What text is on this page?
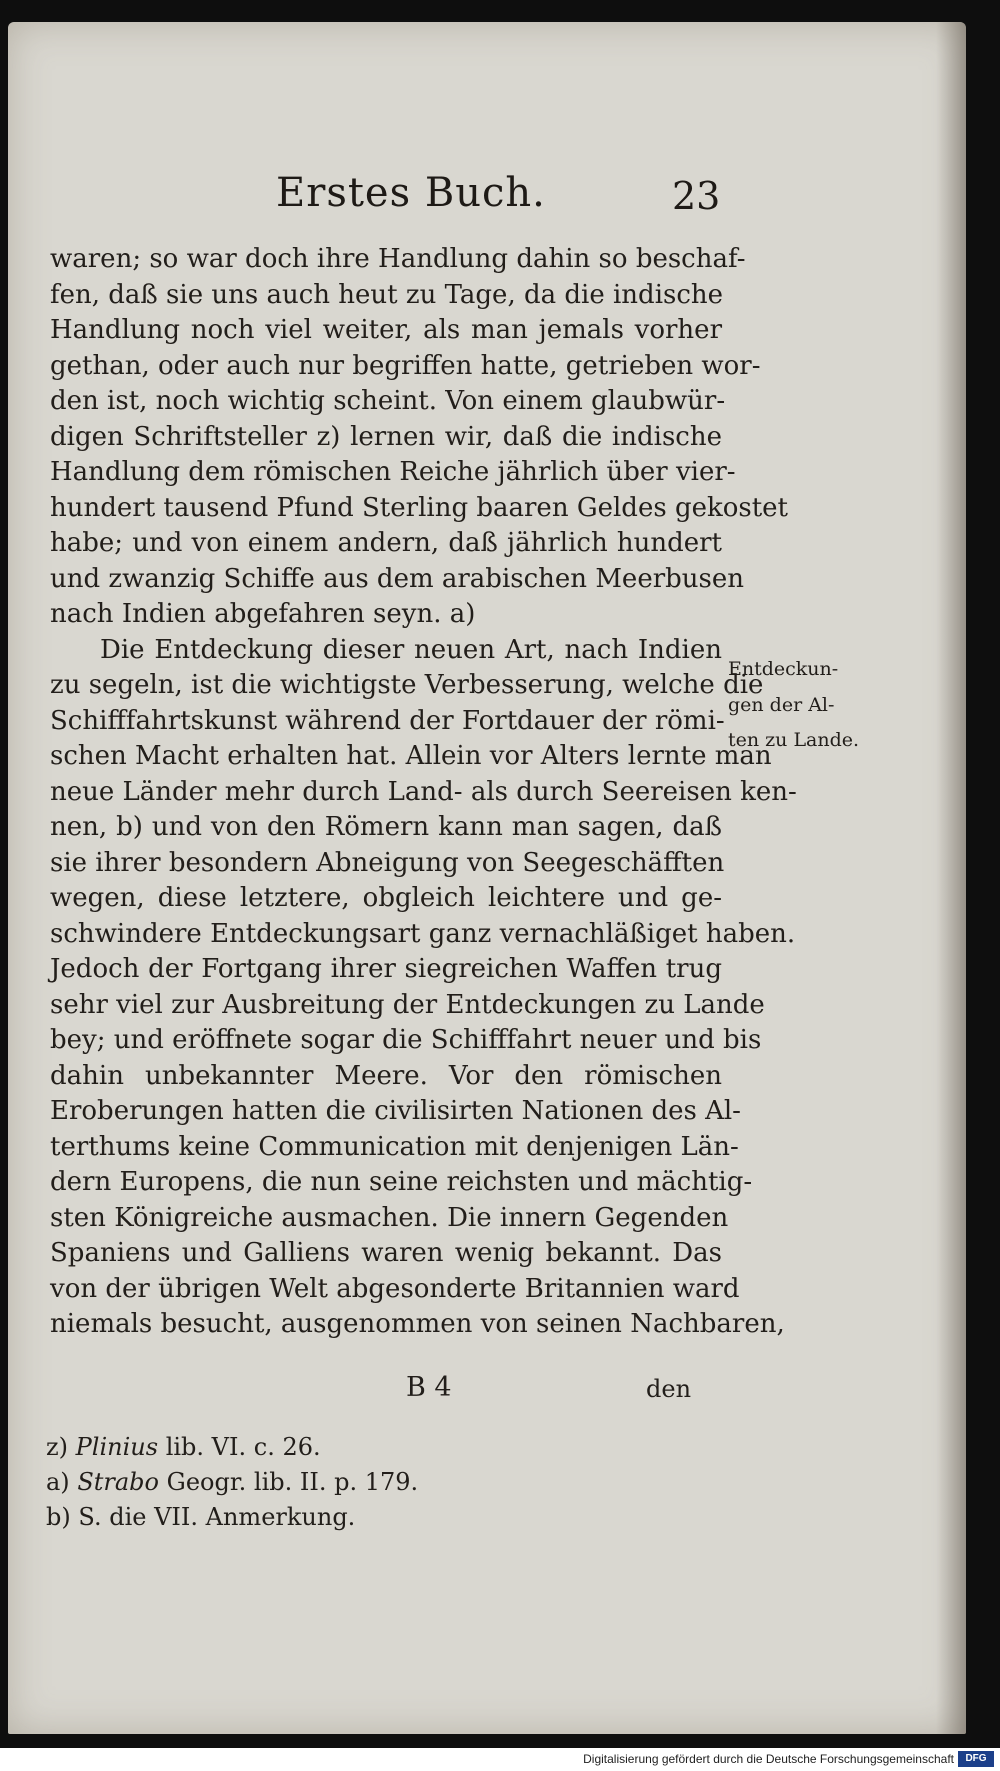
Erstes Buch.	23
waren; so war doch ihre Handlung dahin so beschaf-
fen, daß sie uns auch heut zu Tage, da die indische
Handlung noch viel weiter, als man jemals vorher
gethan, oder auch nur begriffen hatte, getrieben wor-
den ist, noch wichtig scheint. Von einem glaubwür-
digen Schriftsteller z) lernen wir, daß die indische
Handlung dem römischen Reiche jährlich über vier-
hundert tausend Pfund Sterling baaren Geldes gekostet
habe; und von einem andern, daß jährlich hundert
und zwanzig Schiffe aus dem arabischen Meerbusen
nach Indien abgefahren seyn. a)
Die Entdeckung dieser neuen Art, nach Indien
zu segeln, ist die wichtigste Verbesserung, welche die
Schifffahrtskunst während der Fortdauer der römi-
schen Macht erhalten hat. Allein vor Alters lernte man
neue Länder mehr durch Land- als durch Seereisen ken-
nen, b) und von den Römern kann man sagen, daß
sie ihrer besondern Abneigung von Seegeschäfften
wegen, diese letztere, obgleich leichtere und ge-
schwindere Entdeckungsart ganz vernachläßiget haben.
Jedoch der Fortgang ihrer siegreichen Waffen trug
sehr viel zur Ausbreitung der Entdeckungen zu Lande
bey; und eröffnete sogar die Schifffahrt neuer und bis
dahin unbekannter Meere. Vor den römischen
Eroberungen hatten die civilisirten Nationen des Al-
terthums keine Communication mit denjenigen Län-
dern Europens, die nun seine reichsten und mächtig-
sten Königreiche ausmachen. Die innern Gegenden
Spaniens und Galliens waren wenig bekannt. Das
von der übrigen Welt abgesonderte Britannien ward
niemals besucht, ausgenommen von seinen Nachbaren,
Entdeckun-
gen der Al-
ten zu Lande.
B 4	den
z) Plinius lib. VI. c. 26.
a) Strabo Geogr. lib. II. p. 179.
b) S. die VII. Anmerkung.
Digitalisierung gefördert durch die Deutsche Forschungsgemeinschaft	DFG
